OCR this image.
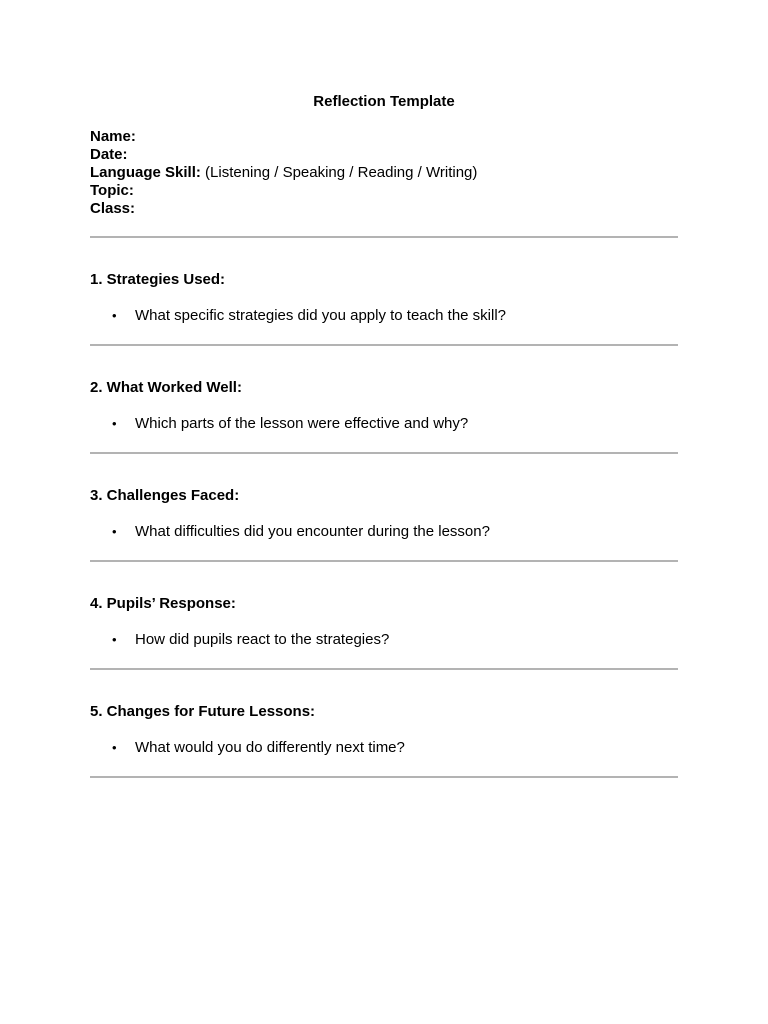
Reflection Template
Name:
Date:
Language Skill: (Listening / Speaking / Reading / Writing)
Topic:
Class:
1. Strategies Used:
• What specific strategies did you apply to teach the skill?
2. What Worked Well:
• Which parts of the lesson were effective and why?
3. Challenges Faced:
• What difficulties did you encounter during the lesson?
4. Pupils’ Response:
• How did pupils react to the strategies?
5. Changes for Future Lessons:
• What would you do differently next time?
